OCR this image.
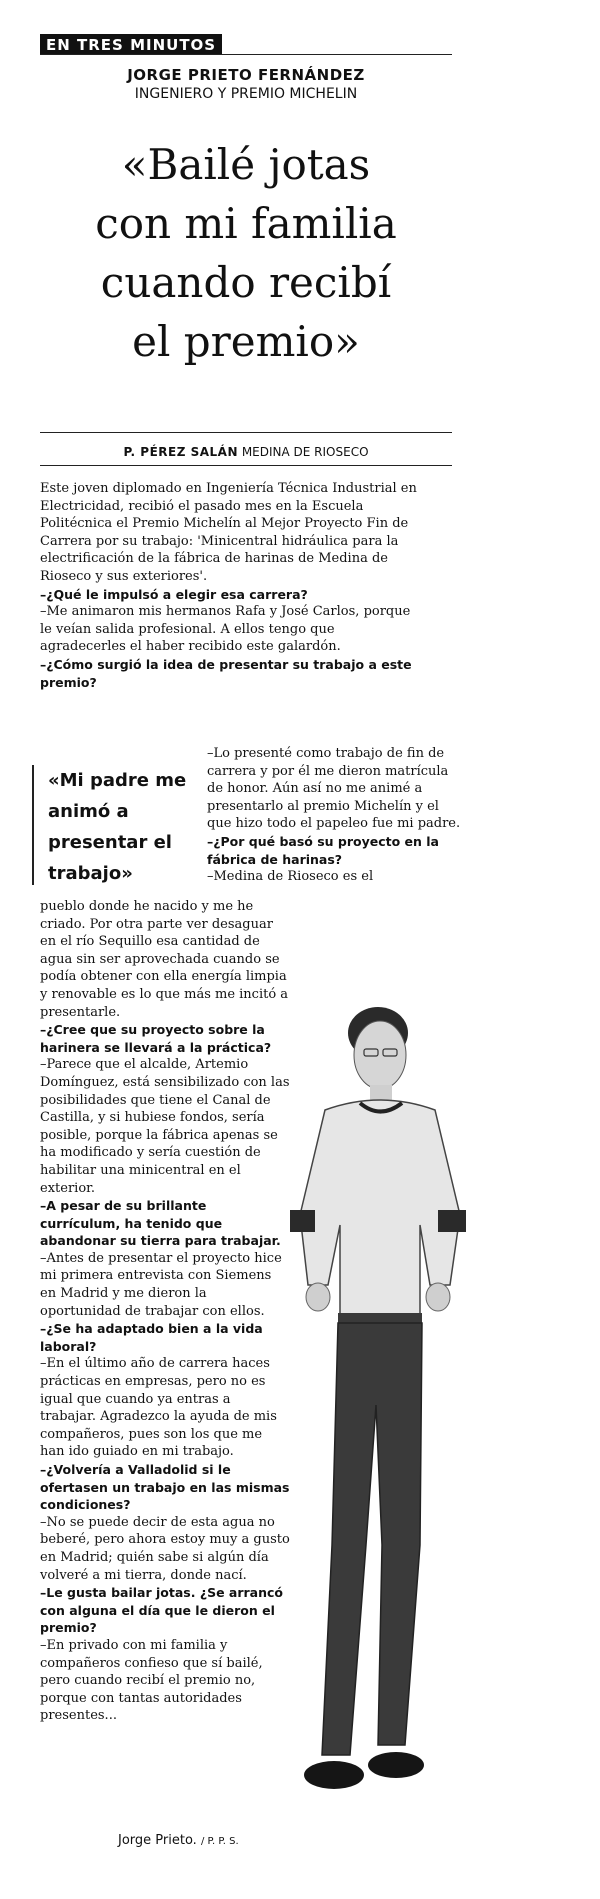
EN TRES MINUTOS
JORGE PRIETO FERNÁNDEZ
INGENIERO Y PREMIO MICHELIN
«Bailé jotas
con mi familia
cuando recibí
el premio»
P. PÉREZ SALÁN MEDINA DE RIOSECO

Este joven diplomado en Ingeniería Técnica Industrial en Electricidad, recibió el pasado mes en la Escuela Politécnica el Premio Michelín al Mejor Proyecto Fin de Carrera por su trabajo: 'Minicentral hidráulica para la electrificación de la fábrica de harinas de Medina de Rioseco y sus exteriores'.

–¿Qué le impulsó a elegir esa carrera?

–Me animaron mis hermanos Rafa y José Carlos, porque le veían salida profesional. A ellos tengo que agradecerles el haber recibido este galardón.

–¿Cómo surgió la idea de presentar su trabajo a este premio?

«Mi padre me animó a presentar el trabajo»

–Lo presenté como trabajo de fin de carrera y por él me dieron matrícula de honor. Aún así no me animé a presentarlo al premio Michelín y el que hizo todo el papeleo fue mi padre.

–¿Por qué basó su proyecto en la fábrica de harinas?

–Medina de Rioseco es el

pueblo donde he nacido y me he criado. Por otra parte ver desaguar en el río Sequillo esa cantidad de agua sin ser aprovechada cuando se podía obtener con ella energía limpia y renovable es lo que más me incitó a presentarle.

–¿Cree que su proyecto sobre la harinera se llevará a la práctica?

–Parece que el alcalde, Artemio Domínguez, está sensibilizado con las posibilidades que tiene el Canal de Castilla, y si hubiese fondos, sería posible, porque la fábrica apenas se ha modificado y sería cuestión de habilitar una minicentral en el exterior.

–A pesar de su brillante currículum, ha tenido que abandonar su tierra para trabajar.

–Antes de presentar el proyecto hice mi primera entrevista con Siemens en Madrid y me dieron la oportunidad de trabajar con ellos.

–¿Se ha adaptado bien a la vida laboral?

–En el último año de carrera haces prácticas en empresas, pero no es igual que cuando ya entras a trabajar. Agradezco la ayuda de mis compañeros, pues son los que me han ido guiado en mi trabajo.

–¿Volvería a Valladolid si le ofertasen un trabajo en las mismas condiciones?

–No se puede decir de esta agua no beberé, pero ahora estoy muy a gusto en Madrid; quién sabe si algún día volveré a mi tierra, donde nací.

–Le gusta bailar jotas. ¿Se arrancó con alguna el día que le dieron el premio?

–En privado con mi familia y compañeros confieso que sí bailé, pero cuando recibí el premio no, porque con tantas autoridades presentes...

Jorge Prieto. / P. P. S.
